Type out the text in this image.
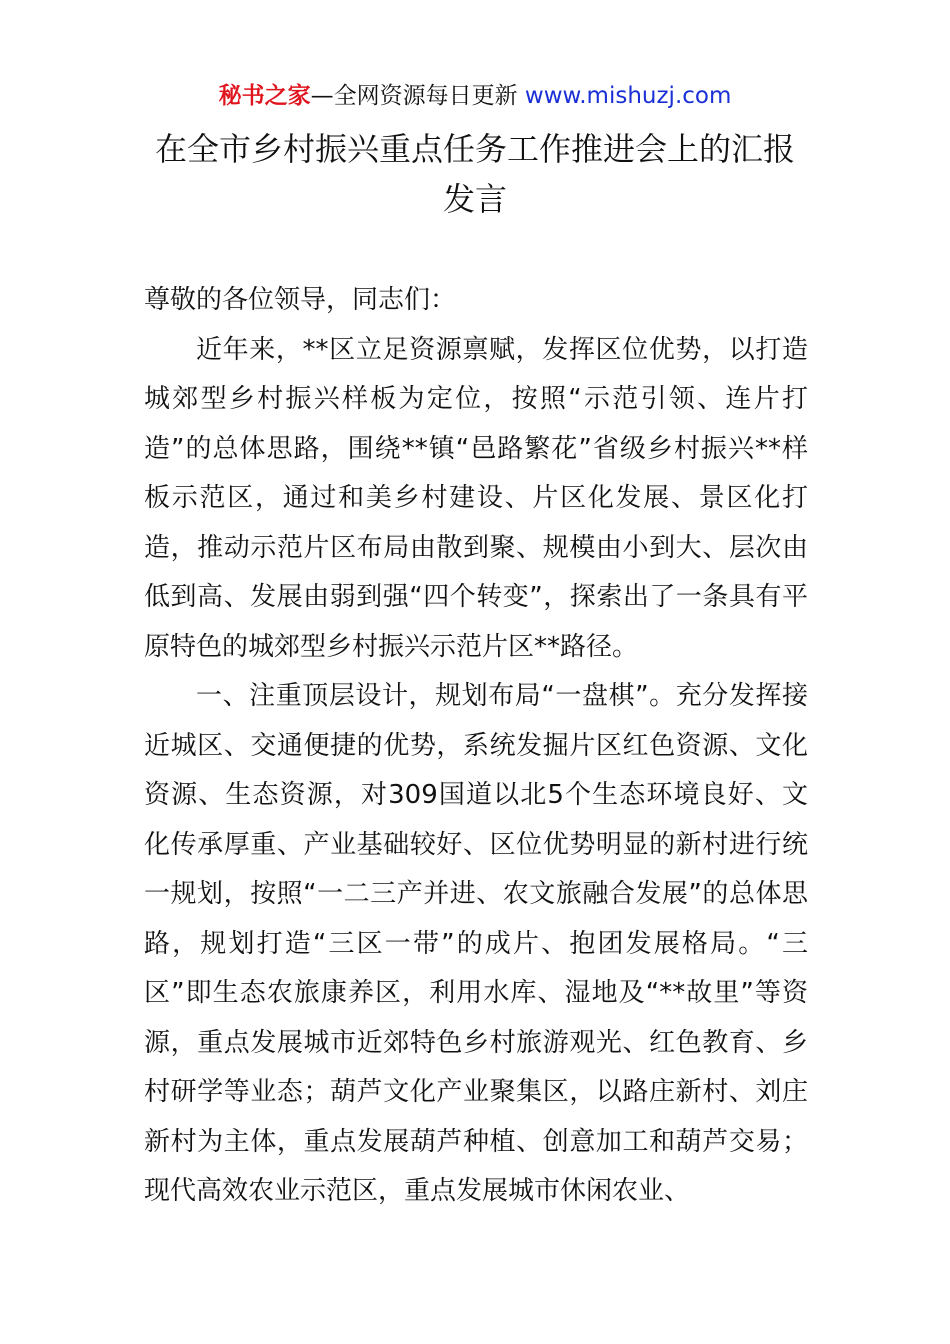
秘书之家—全网资源每日更新 www.mishuzj.com
在全市乡村振兴重点任务工作推进会上的汇报发言

尊敬的各位领导，同志们：

近年来，**区立足资源禀赋，发挥区位优势，以打造城郊型乡村振兴样板为定位，按照“示范引领、连片打造”的总体思路，围绕**镇“邑路繁花”省级乡村振兴**样板示范区，通过和美乡村建设、片区化发展、景区化打造，推动示范片区布局由散到聚、规模由小到大、层次由低到高、发展由弱到强“四个转变”，探索出了一条具有平原特色的城郊型乡村振兴示范片区**路径。

一、注重顶层设计，规划布局“一盘棋”。充分发挥接近城区、交通便捷的优势，系统发掘片区红色资源、文化资源、生态资源，对309国道以北5个生态环境良好、文化传承厚重、产业基础较好、区位优势明显的新村进行统一规划，按照“一二三产并进、农文旅融合发展”的总体思路，规划打造“三区一带”的成片、抱团发展格局。“三区”即生态农旅康养区，利用水库、湿地及“**故里”等资源，重点发展城市近郊特色乡村旅游观光、红色教育、乡村研学等业态；葫芦文化产业聚集区，以路庄新村、刘庄新村为主体，重点发展葫芦种植、创意加工和葫芦交易；现代高效农业示范区，重点发展城市休闲农业、
